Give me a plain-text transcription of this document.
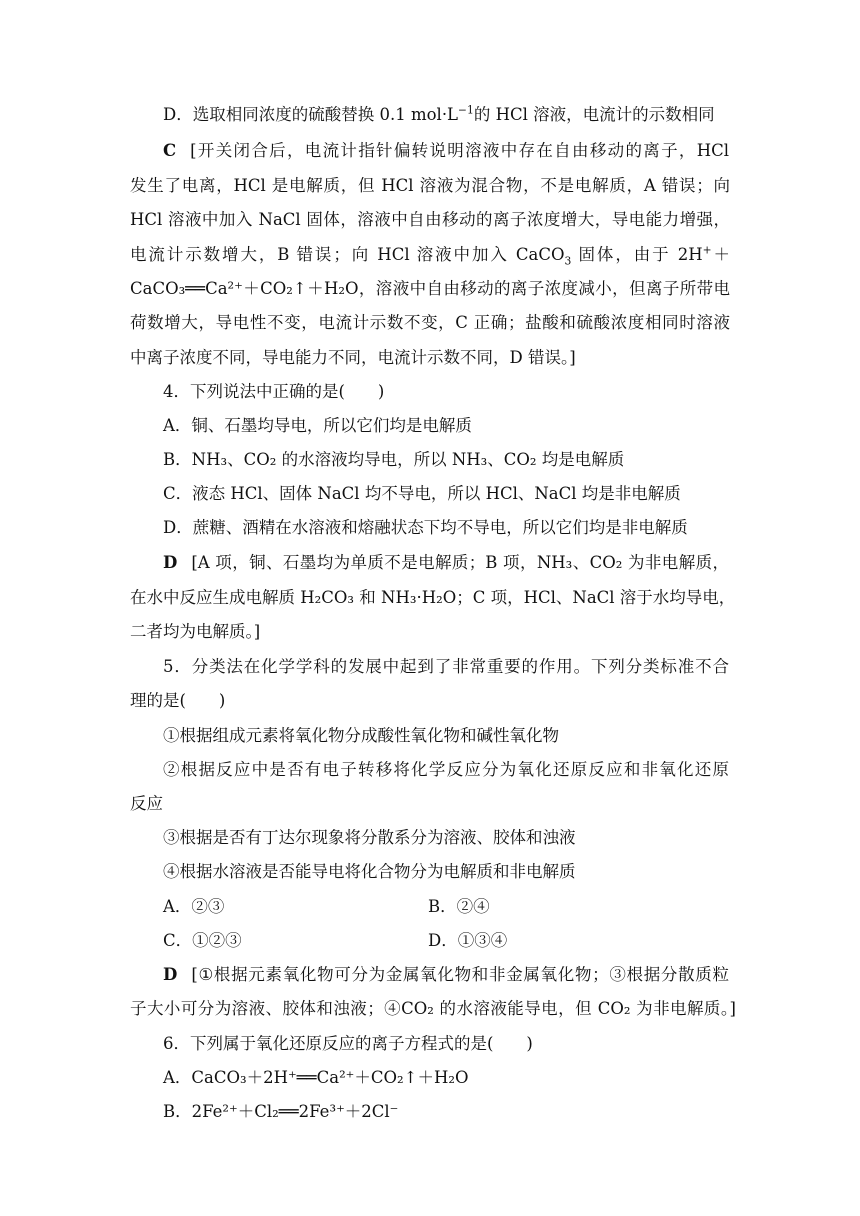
D．选取相同浓度的硫酸替换 0.1 $mol\cdot L^{-1}$的 HCl 溶液，电流计的示数相同
C [开关闭合后，电流计指针偏转说明溶液中存在自由移动的离子，HCl
发生了电离，HCl 是电解质，但 HCl 溶液为混合物，不是电解质，A 错误；向
HCl 溶液中加入 NaCl 固体，溶液中自由移动的离子浓度增大，导电能力增强，
电流计示数增大，B 错误；向 HCl 溶液中加入 CaCO$_3$ 固体，由于 2H+＋
CaCO₃══Ca²⁺＋CO₂↑＋H₂O，溶液中自由移动的离子浓度减小，但离子所带电
荷数增大，导电性不变，电流计示数不变，C 正确；盐酸和硫酸浓度相同时溶液
中离子浓度不同，导电能力不同，电流计示数不同，D 错误。]
4．下列说法中正确的是(　　)
A．铜、石墨均导电，所以它们均是电解质
B．NH₃、CO₂ 的水溶液均导电，所以 NH₃、CO₂ 均是电解质
C．液态 HCl、固体 NaCl 均不导电，所以 HCl、NaCl 均是非电解质
D．蔗糖、酒精在水溶液和熔融状态下均不导电，所以它们均是非电解质
D [A 项，铜、石墨均为单质不是电解质；B 项，NH₃、CO₂ 为非电解质，
在水中反应生成电解质 H₂CO₃ 和 NH₃·H₂O；C 项，HCl、NaCl 溶于水均导电，
二者均为电解质。]
5．分类法在化学学科的发展中起到了非常重要的作用。下列分类标准不合
理的是(　　)
①根据组成元素将氧化物分成酸性氧化物和碱性氧化物
②根据反应中是否有电子转移将化学反应分为氧化还原反应和非氧化还原
反应
③根据是否有丁达尔现象将分散系分为溶液、胶体和浊液
④根据水溶液是否能导电将化合物分为电解质和非电解质
A．②③	B．②④
C．①②③	D．①③④
D [①根据元素氧化物可分为金属氧化物和非金属氧化物；③根据分散质粒
子大小可分为溶液、胶体和浊液；④CO₂ 的水溶液能导电，但 CO₂ 为非电解质。]
6．下列属于氧化还原反应的离子方程式的是(　　)
A．CaCO₃＋2H⁺══Ca²⁺＋CO₂↑＋H₂O
B．2Fe²⁺＋Cl₂══2Fe³⁺＋2Cl⁻
